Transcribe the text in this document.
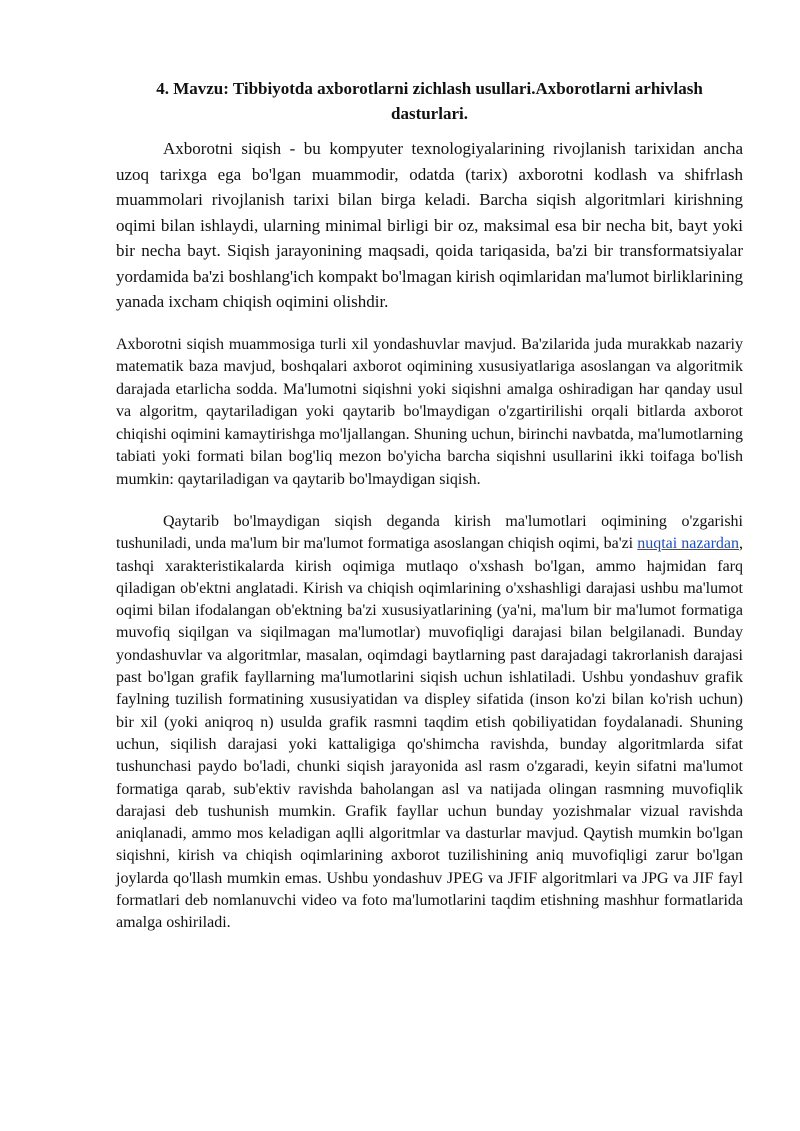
4. Mavzu: Tibbiyotda axborotlarni zichlash usullari.Axborotlarni arhivlash dasturlari.

Axborotni siqish - bu kompyuter texnologiyalarining rivojlanish tarixidan ancha uzoq tarixga ega bo'lgan muammodir, odatda (tarix) axborotni kodlash va shifrlash muammolari rivojlanish tarixi bilan birga keladi. Barcha siqish algoritmlari kirishning oqimi bilan ishlaydi, ularning minimal birligi bir oz, maksimal esa bir necha bit, bayt yoki bir necha bayt. Siqish jarayonining maqsadi, qoida tariqasida, ba'zi bir transformatsiyalar yordamida ba'zi boshlang'ich kompakt bo'lmagan kirish oqimlaridan ma'lumot birliklarining yanada ixcham chiqish oqimini olishdir.

Axborotni siqish muammosiga turli xil yondashuvlar mavjud. Ba'zilarida juda murakkab nazariy matematik baza mavjud, boshqalari axborot oqimining xususiyatlariga asoslangan va algoritmik darajada etarlicha sodda. Ma'lumotni siqishni yoki siqishni amalga oshiradigan har qanday usul va algoritm, qaytariladigan yoki qaytarib bo'lmaydigan o'zgartirilishi orqali bitlarda axborot chiqishi oqimini kamaytirishga mo'ljallangan. Shuning uchun, birinchi navbatda, ma'lumotlarning tabiati yoki formati bilan bog'liq mezon bo'yicha barcha siqishni usullarini ikki toifaga bo'lish mumkin: qaytariladigan va qaytarib bo'lmaydigan siqish.

Qaytarib bo'lmaydigan siqish deganda kirish ma'lumotlari oqimining o'zgarishi tushuniladi, unda ma'lum bir ma'lumot formatiga asoslangan chiqish oqimi, ba'zi nuqtai nazardan, tashqi xarakteristikalarda kirish oqimiga mutlaqo o'xshash bo'lgan, ammo hajmidan farq qiladigan ob'ektni anglatadi. Kirish va chiqish oqimlarining o'xshashligi darajasi ushbu ma'lumot oqimi bilan ifodalangan ob'ektning ba'zi xususiyatlarining (ya'ni, ma'lum bir ma'lumot formatiga muvofiq siqilgan va siqilmagan ma'lumotlar) muvofiqligi darajasi bilan belgilanadi. Bunday yondashuvlar va algoritmlar, masalan, oqimdagi baytlarning past darajadagi takrorlanish darajasi past bo'lgan grafik fayllarning ma'lumotlarini siqish uchun ishlatiladi. Ushbu yondashuv grafik faylning tuzilish formatining xususiyatidan va displey sifatida (inson ko'zi bilan ko'rish uchun) bir xil (yoki aniqroq n) usulda grafik rasmni taqdim etish qobiliyatidan foydalanadi. Shuning uchun, siqilish darajasi yoki kattaligiga qo'shimcha ravishda, bunday algoritmlarda sifat tushunchasi paydo bo'ladi, chunki siqish jarayonida asl rasm o'zgaradi, keyin sifatni ma'lumot formatiga qarab, sub'ektiv ravishda baholangan asl va natijada olingan rasmning muvofiqlik darajasi deb tushunish mumkin. Grafik fayllar uchun bunday yozishmalar vizual ravishda aniqlanadi, ammo mos keladigan aqlli algoritmlar va dasturlar mavjud. Qaytish mumkin bo'lgan siqishni, kirish va chiqish oqimlarining axborot tuzilishining aniq muvofiqligi zarur bo'lgan joylarda qo'llash mumkin emas. Ushbu yondashuv JPEG va JFIF algoritmlari va JPG va JIF fayl formatlari deb nomlanuvchi video va foto ma'lumotlarini taqdim etishning mashhur formatlarida amalga oshiriladi.
